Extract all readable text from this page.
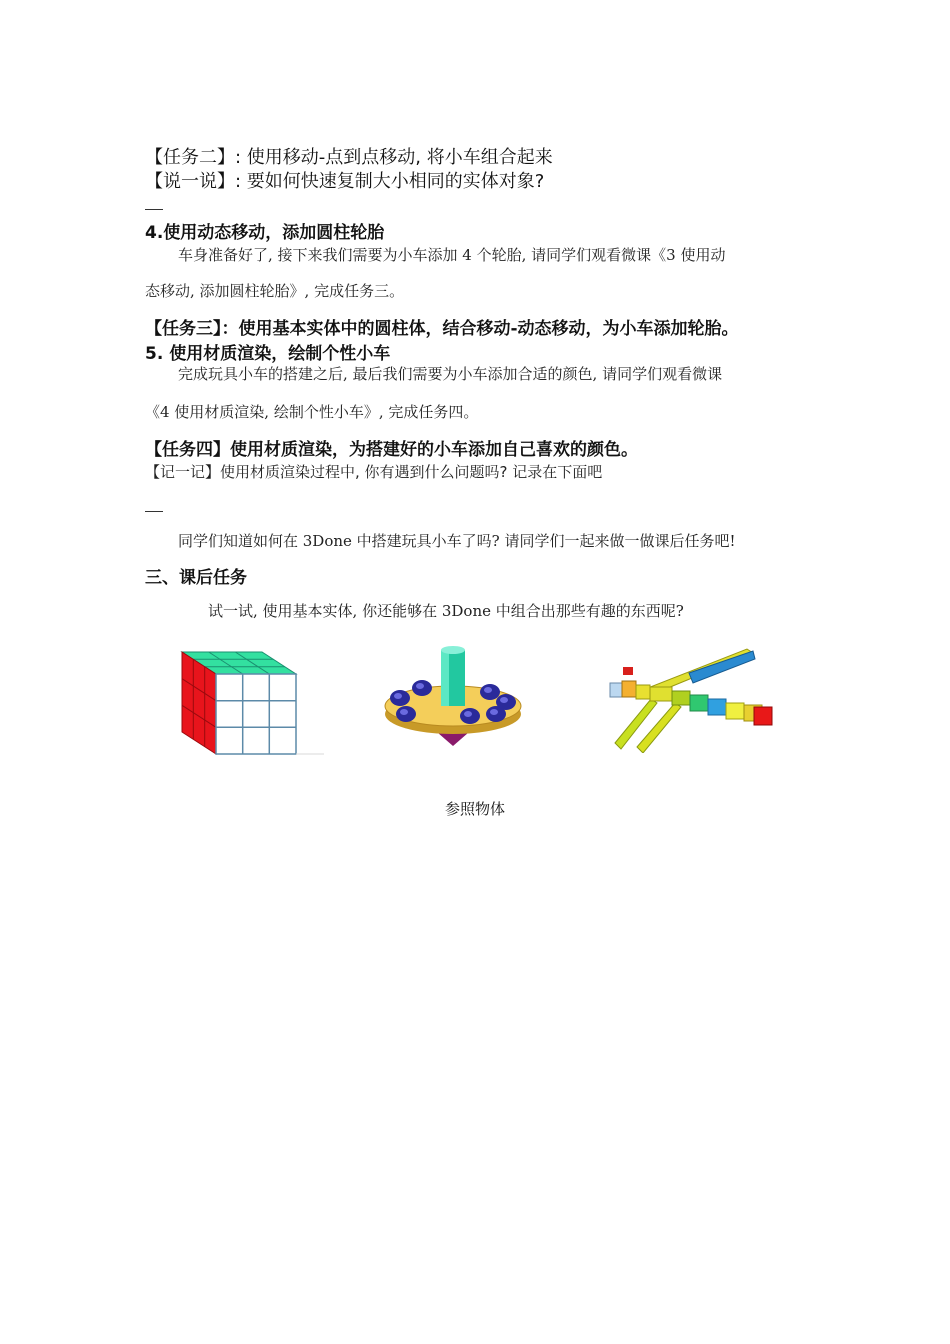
【任务二】: 使用移动-点到点移动, 将小车组合起来
【说一说】: 要如何快速复制大小相同的实体对象?
4.使用动态移动，添加圆柱轮胎
车身准备好了, 接下来我们需要为小车添加 4 个轮胎, 请同学们观看微课《3 使用动
态移动, 添加圆柱轮胎》, 完成任务三。
【任务三】：使用基本实体中的圆柱体，结合移动-动态移动，为小车添加轮胎。
5. 使用材质渲染，绘制个性小车
完成玩具小车的搭建之后, 最后我们需要为小车添加合适的颜色, 请同学们观看微课
《4 使用材质渲染, 绘制个性小车》, 完成任务四。
【任务四】使用材质渲染，为搭建好的小车添加自己喜欢的颜色。
【记一记】使用材质渲染过程中, 你有遇到什么问题吗? 记录在下面吧
同学们知道如何在 3Done 中搭建玩具小车了吗? 请同学们一起来做一做课后任务吧!
三、课后任务
试一试, 使用基本实体, 你还能够在 3Done 中组合出那些有趣的东西呢?
参照物体
